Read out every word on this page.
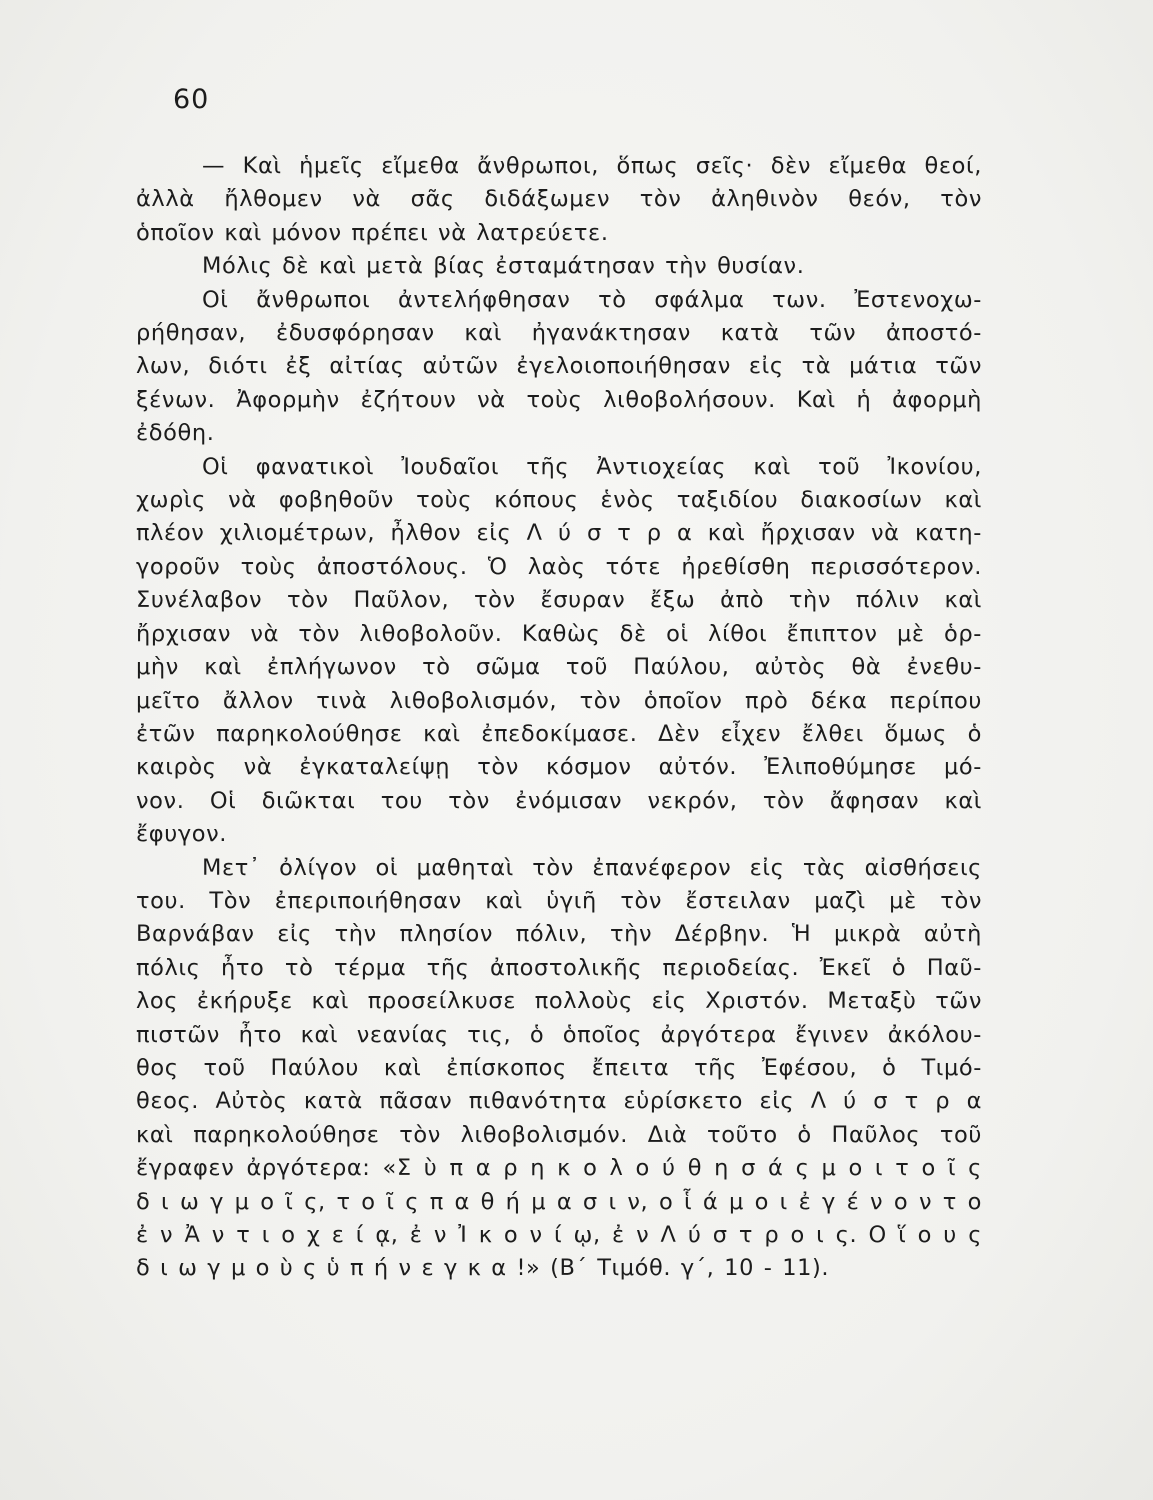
60
— Καὶ ἡμεῖς εἴμεθα ἄνθρωποι, ὅπως σεῖς· δὲν εἴμεθα θεοί,
ἀλλὰ ἤλθομεν νὰ σᾶς διδάξωμεν τὸν ἀληθινὸν θεόν, τὸν
ὁποῖον καὶ μόνον πρέπει νὰ λατρεύετε.
Μόλις δὲ καὶ μετὰ βίας ἐσταμάτησαν τὴν θυσίαν.
Οἱ ἄνθρωποι ἀντελήφθησαν τὸ σφάλμα των. Ἐστενοχω-
ρήθησαν, ἐδυσφόρησαν καὶ ἠγανάκτησαν κατὰ τῶν ἀποστό-
λων, διότι ἐξ αἰτίας αὐτῶν ἐγελοιοποιήθησαν εἰς τὰ μάτια τῶν
ξένων. Ἀφορμὴν ἐζήτουν νὰ τοὺς λιθοβολήσουν. Καὶ ἡ ἀφορμὴ
ἐδόθη.
Οἱ φανατικοὶ Ἰουδαῖοι τῆς Ἀντιοχείας καὶ τοῦ Ἰκονίου,
χωρὶς νὰ φοβηθοῦν τοὺς κόπους ἑνὸς ταξιδίου διακοσίων καὶ
πλέον χιλιομέτρων, ἦλθον εἰς Λ ύ σ τ ρ α καὶ ἤρχισαν νὰ κατη-
γοροῦν τοὺς ἀποστόλους. Ὁ λαὸς τότε ἠρεθίσθη περισσότερον.
Συνέλαβον τὸν Παῦλον, τὸν ἔσυραν ἔξω ἀπὸ τὴν πόλιν καὶ
ἤρχισαν νὰ τὸν λιθοβολοῦν. Καθὼς δὲ οἱ λίθοι ἔπιπτον μὲ ὁρ-
μὴν καὶ ἐπλήγωνον τὸ σῶμα τοῦ Παύλου, αὐτὸς θὰ ἐνεθυ-
μεῖτο ἄλλον τινὰ λιθοβολισμόν, τὸν ὁποῖον πρὸ δέκα περίπου
ἐτῶν παρηκολούθησε καὶ ἐπεδοκίμασε. Δὲν εἶχεν ἔλθει ὅμως ὁ
καιρὸς νὰ ἐγκαταλείψῃ τὸν κόσμον αὐτόν. Ἐλιποθύμησε μό-
νον. Οἱ διῶκται του τὸν ἐνόμισαν νεκρόν, τὸν ἄφησαν καὶ
ἔφυγον.
Μετ᾽ ὀλίγον οἱ μαθηταὶ τὸν ἐπανέφερον εἰς τὰς αἰσθήσεις
του. Τὸν ἐπεριποιήθησαν καὶ ὑγιῆ τὸν ἔστειλαν μαζὶ μὲ τὸν
Βαρνάβαν εἰς τὴν πλησίον πόλιν, τὴν Δέρβην. Ἡ μικρὰ αὐτὴ
πόλις ἦτο τὸ τέρμα τῆς ἀποστολικῆς περιοδείας. Ἐκεῖ ὁ Παῦ-
λος ἐκήρυξε καὶ προσείλκυσε πολλοὺς εἰς Χριστόν. Μεταξὺ τῶν
πιστῶν ἦτο καὶ νεανίας τις, ὁ ὁποῖος ἀργότερα ἔγινεν ἀκόλου-
θος τοῦ Παύλου καὶ ἐπίσκοπος ἔπειτα τῆς Ἐφέσου, ὁ Τιμό-
θεος. Αὐτὸς κατὰ πᾶσαν πιθανότητα εὑρίσκετο εἰς Λ ύ σ τ ρ α
καὶ παρηκολούθησε τὸν λιθοβολισμόν. Διὰ τοῦτο ὁ Παῦλος τοῦ
ἔγραφεν ἀργότερα: «Σ ὺ π α ρ η κ ο λ ο ύ θ η σ ά ς μ ο ι τ ο ῖ ς
δ ι ω γ μ ο ῖ ς, τ ο ῖ ς π α θ ή μ α σ ι ν, ο ἷ ά μ ο ι ἐ γ έ ν ο ν τ ο
ἐ ν Ἀ ν τ ι ο χ ε ί ᾳ, ἐ ν Ἰ κ ο ν ί ῳ, ἐ ν Λ ύ σ τ ρ ο ι ς. Ο ἵ ο υ ς
δ ι ω γ μ ο ὺ ς ὑ π ή ν ε γ κ α !» (Β΄ Τιμόθ. γ΄, 10 - 11).
